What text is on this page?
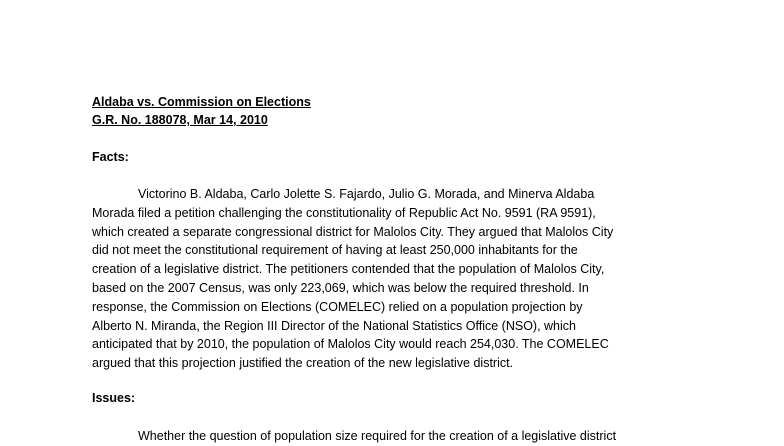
Aldaba vs. Commission on Elections
G.R. No. 188078, Mar 14, 2010
Facts:
Victorino B. Aldaba, Carlo Jolette S. Fajardo, Julio G. Morada, and Minerva Aldaba
Morada filed a petition challenging the constitutionality of Republic Act No. 9591 (RA 9591),
which created a separate congressional district for Malolos City. They argued that Malolos City
did not meet the constitutional requirement of having at least 250,000 inhabitants for the
creation of a legislative district. The petitioners contended that the population of Malolos City,
based on the 2007 Census, was only 223,069, which was below the required threshold. In
response, the Commission on Elections (COMELEC) relied on a population projection by
Alberto N. Miranda, the Region III Director of the National Statistics Office (NSO), which
anticipated that by 2010, the population of Malolos City would reach 254,030. The COMELEC
argued that this projection justified the creation of the new legislative district.
Issues:
Whether the question of population size required for the creation of a legislative district
